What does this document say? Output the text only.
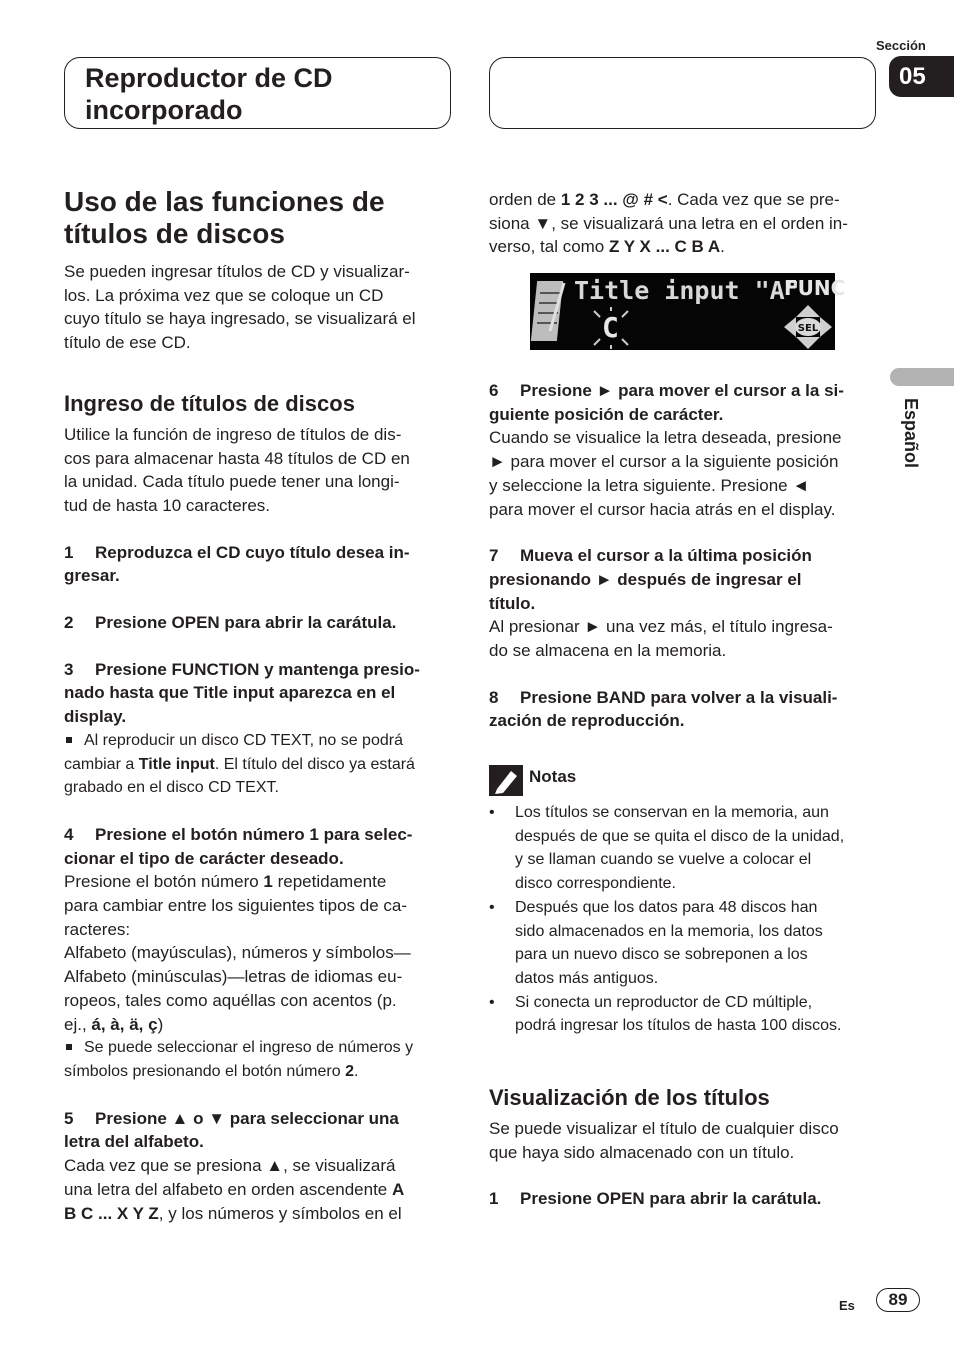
Sección
05
Reproductor de CD incorporado
Español
Uso de las funciones de títulos de discos

Se pueden ingresar títulos de CD y visualizar-
los. La próxima vez que se coloque un CD
cuyo título se haya ingresado, se visualizará el
título de ese CD.

Ingreso de títulos de discos

Utilice la función de ingreso de títulos de dis-
cos para almacenar hasta 48 títulos de CD en
la unidad. Cada título puede tener una longi-
tud de hasta 10 caracteres.

1 Reproduzca el CD cuyo título desea in-
gresar.

2 Presione OPEN para abrir la carátula.

3 Presione FUNCTION y mantenga presio-
nado hasta que Title input aparezca en el
display.

Al reproducir un disco CD TEXT, no se podrá
cambiar a Title input. El título del disco ya estará
grabado en el disco CD TEXT.

4 Presione el botón número 1 para selec-
cionar el tipo de carácter deseado.

Presione el botón número 1 repetidamente
para cambiar entre los siguientes tipos de ca-
racteres:
Alfabeto (mayúsculas), números y símbolos—
Alfabeto (minúsculas)—letras de idiomas eu-
ropeos, tales como aquéllas con acentos (p.
ej., á, à, ä, ç)

Se puede seleccionar el ingreso de números y
símbolos presionando el botón número 2.

5 Presione ▲ o ▼ para seleccionar una
letra del alfabeto.

Cada vez que se presiona ▲, se visualizará
una letra del alfabeto en orden ascendente A
B C ... X Y Z, y los números y símbolos en el

orden de 1 2 3 ... @ # <. Cada vez que se pre-
siona ▼, se visualizará una letra en el orden in-
verso, tal como Z Y X ... C B A.

Title input "A"
FUNC
C	SEL

6 Presione ► para mover el cursor a la si-
guiente posición de carácter.

Cuando se visualice la letra deseada, presione
► para mover el cursor a la siguiente posición
y seleccione la letra siguiente. Presione ◄
para mover el cursor hacia atrás en el display.

7 Mueva el cursor a la última posición
presionando ► después de ingresar el
título.

Al presionar ► una vez más, el título ingresa-
do se almacena en la memoria.

8 Presione BAND para volver a la visuali-
zación de reproducción.

Notas
• Los títulos se conservan en la memoria, aun
después de que se quita el disco de la unidad,
y se llaman cuando se vuelve a colocar el
disco correspondiente.
• Después que los datos para 48 discos han
sido almacenados en la memoria, los datos
para un nuevo disco se sobreponen a los
datos más antiguos.
• Si conecta un reproductor de CD múltiple,
podrá ingresar los títulos de hasta 100 discos.
Visualización de los títulos

Se puede visualizar el título de cualquier disco
que haya sido almacenado con un título.

1 Presione OPEN para abrir la carátula.

Es	89
